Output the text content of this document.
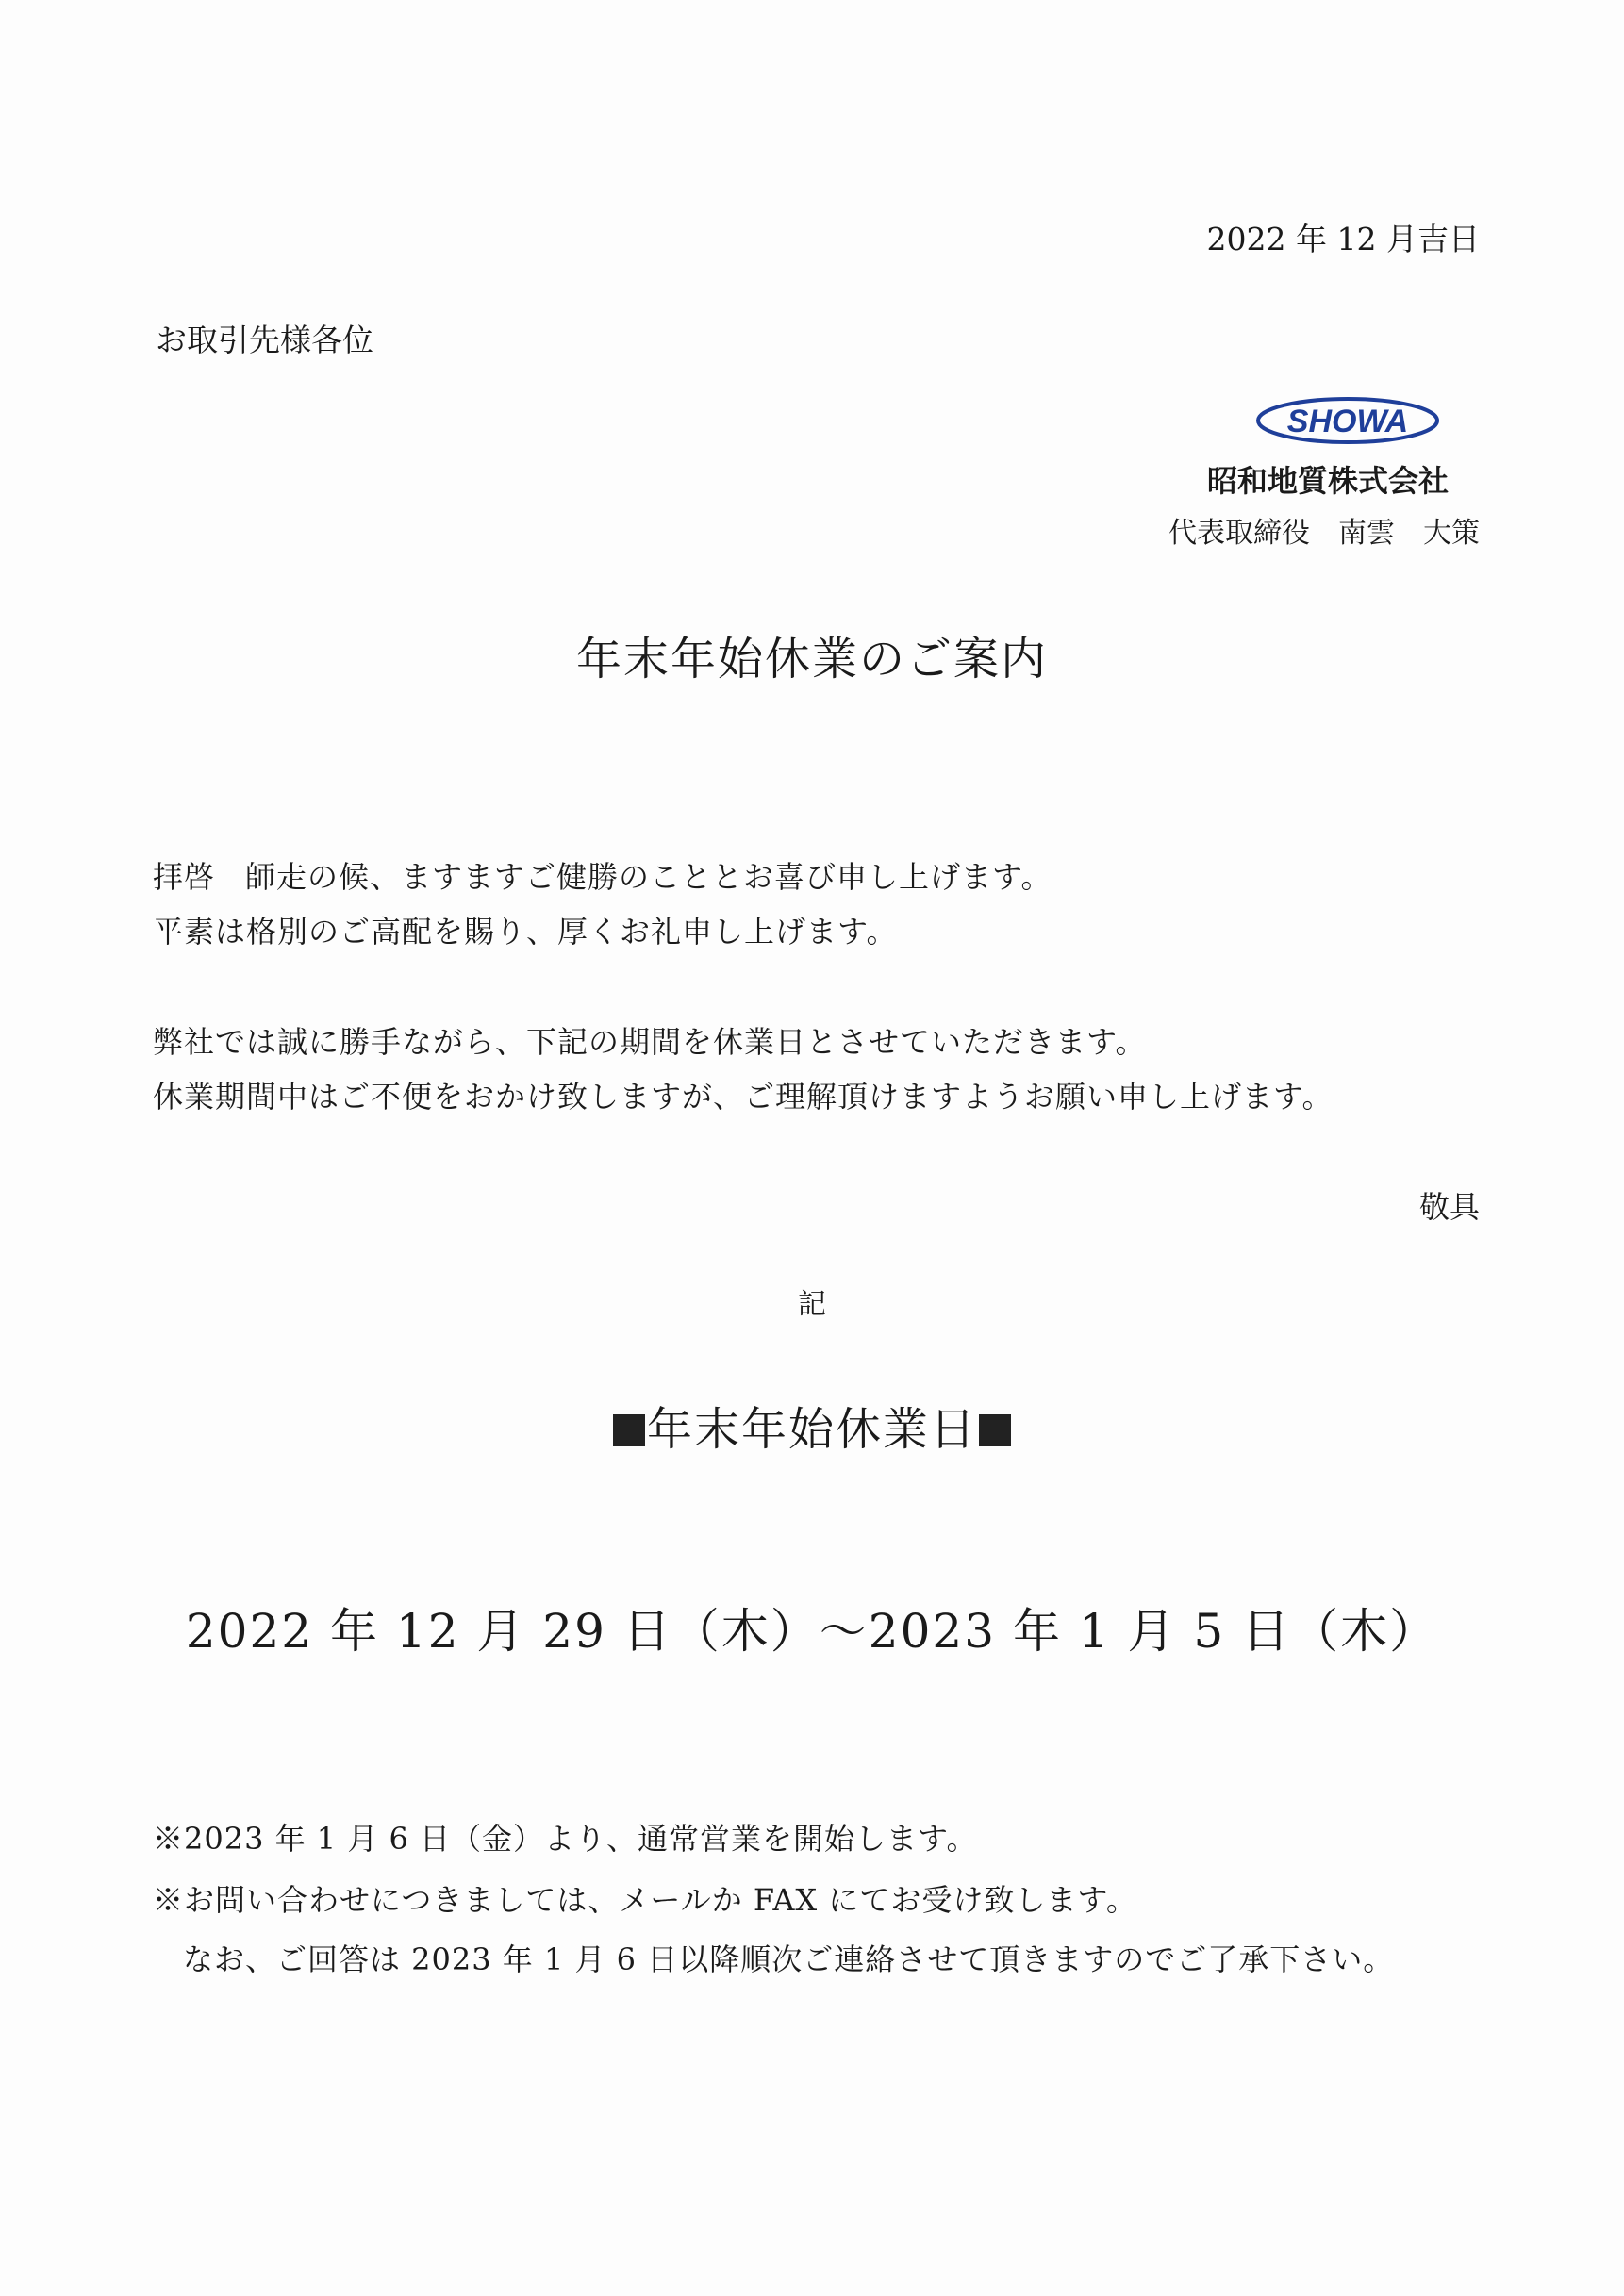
2022 年 12 月吉日
お取引先様各位
SHOWA
昭和地質株式会社
代表取締役 南雲 大策
年末年始休業のご案内
拝啓 師走の候、ますますご健勝のこととお喜び申し上げます。
平素は格別のご高配を賜り、厚くお礼申し上げます。
弊社では誠に勝手ながら、下記の期間を休業日とさせていただきます。
休業期間中はご不便をおかけ致しますが、ご理解頂けますようお願い申し上げます。
敬具
記
年末年始休業日
2022 年 12 月 29 日（木）～2023 年 1 月 5 日（木）
※2023 年 1 月 6 日（金）より、通常営業を開始します。
※お問い合わせにつきましては、メールか FAX にてお受け致します。
なお、ご回答は 2023 年 1 月 6 日以降順次ご連絡させて頂きますのでご了承下さい。
